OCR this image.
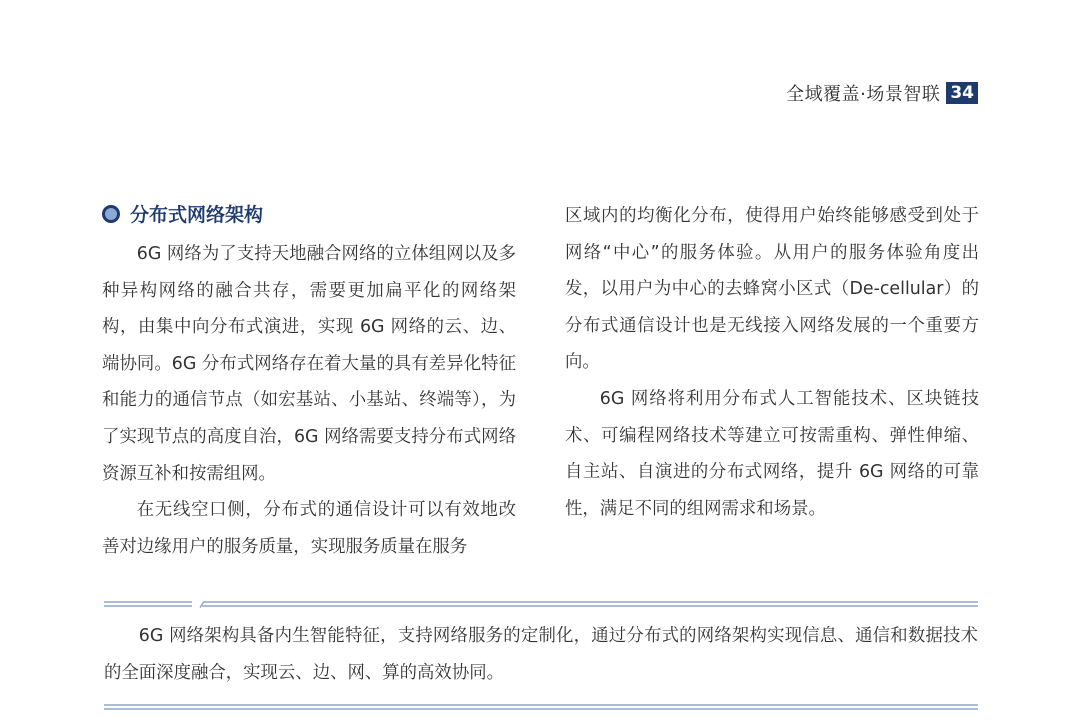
全域覆盖·场景智联 34
分布式网络架构

6G 网络为了支持天地融合网络的立体组网以及多种异构网络的融合共存，需要更加扁平化的网络架构，由集中向分布式演进，实现 6G 网络的云、边、端协同。6G 分布式网络存在着大量的具有差异化特征和能力的通信节点（如宏基站、小基站、终端等），为了实现节点的高度自治，6G 网络需要支持分布式网络资源互补和按需组网。

在无线空口侧，分布式的通信设计可以有效地改善对边缘用户的服务质量，实现服务质量在服务

区域内的均衡化分布，使得用户始终能够感受到处于网络“中心”的服务体验。从用户的服务体验角度出发，以用户为中心的去蜂窝小区式（De-cellular）的分布式通信设计也是无线接入网络发展的一个重要方向。

6G 网络将利用分布式人工智能技术、区块链技术、可编程网络技术等建立可按需重构、弹性伸缩、自主站、自演进的分布式网络，提升 6G 网络的可靠性，满足不同的组网需求和场景。

6G 网络架构具备内生智能特征，支持网络服务的定制化，通过分布式的网络架构实现信息、通信和数据技术的全面深度融合，实现云、边、网、算的高效协同。
